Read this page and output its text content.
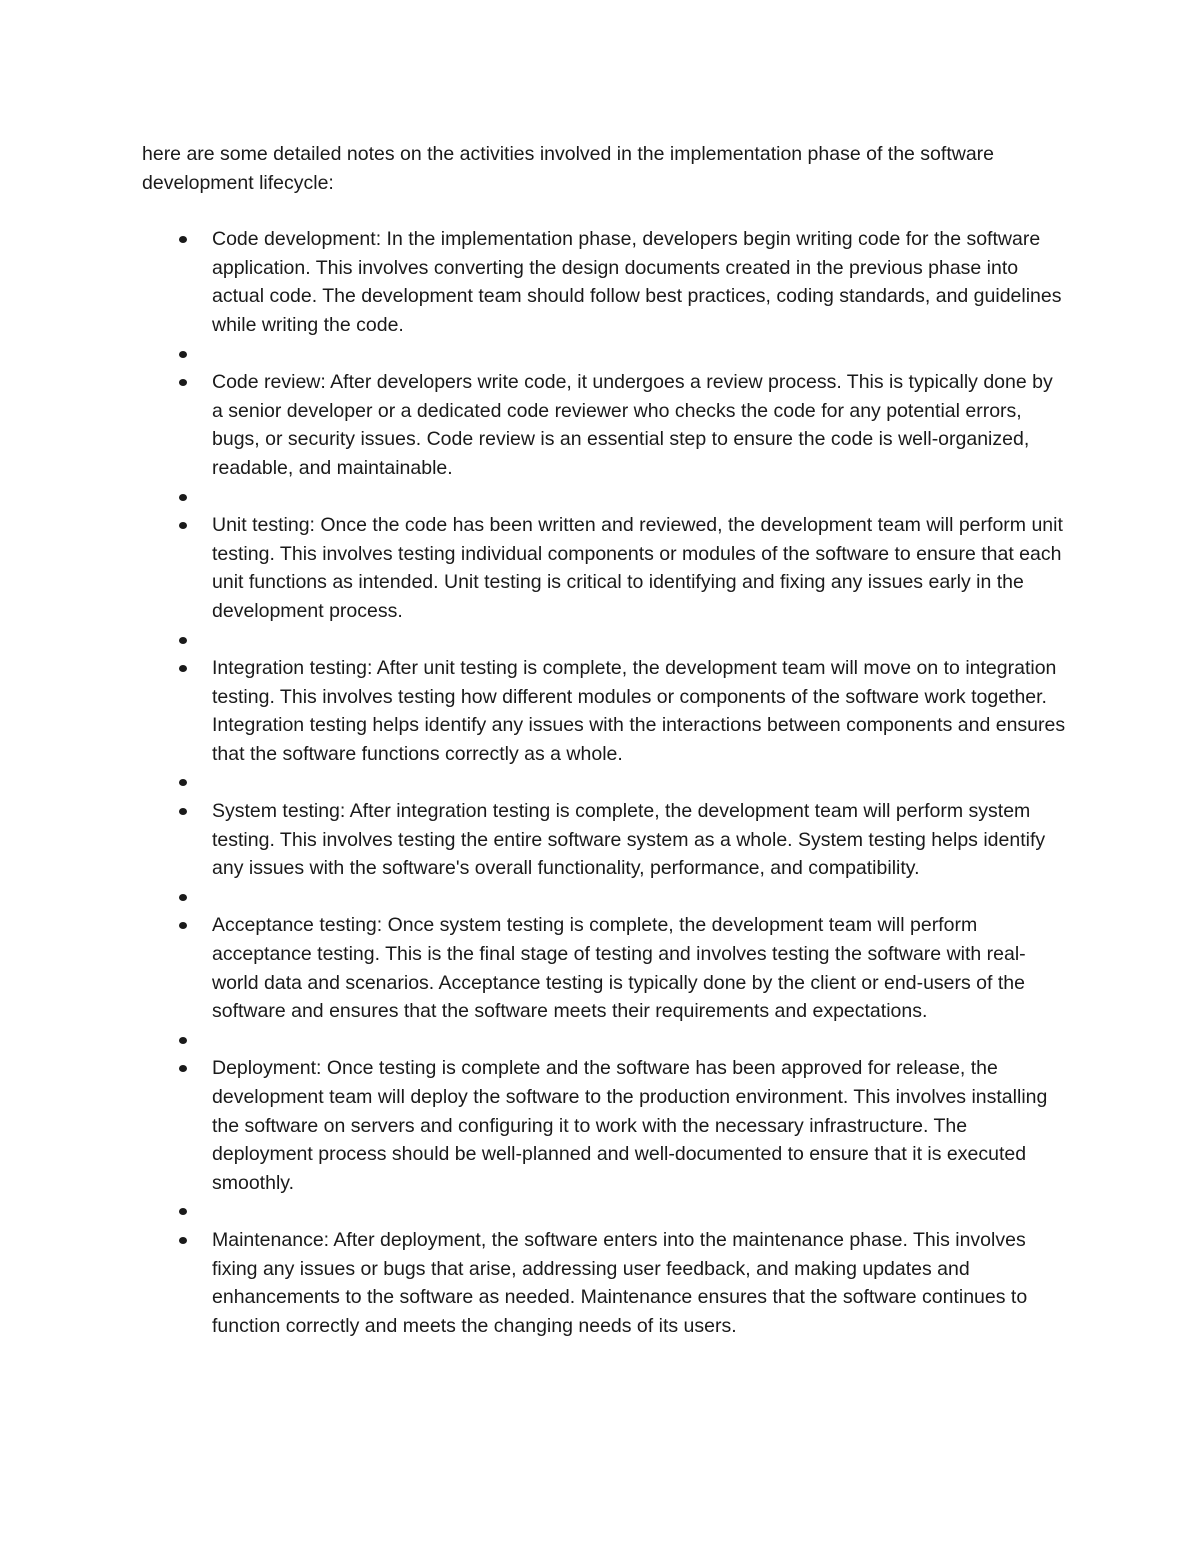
here are some detailed notes on the activities involved in the implementation phase of the software development lifecycle:

Code development: In the implementation phase, developers begin writing code for the software application. This involves converting the design documents created in the previous phase into actual code. The development team should follow best practices, coding standards, and guidelines while writing the code.
Code review: After developers write code, it undergoes a review process. This is typically done by a senior developer or a dedicated code reviewer who checks the code for any potential errors, bugs, or security issues. Code review is an essential step to ensure the code is well-organized, readable, and maintainable.
Unit testing: Once the code has been written and reviewed, the development team will perform unit testing. This involves testing individual components or modules of the software to ensure that each unit functions as intended. Unit testing is critical to identifying and fixing any issues early in the development process.
Integration testing: After unit testing is complete, the development team will move on to integration testing. This involves testing how different modules or components of the software work together. Integration testing helps identify any issues with the interactions between components and ensures that the software functions correctly as a whole.
System testing: After integration testing is complete, the development team will perform system testing. This involves testing the entire software system as a whole. System testing helps identify any issues with the software's overall functionality, performance, and compatibility.
Acceptance testing: Once system testing is complete, the development team will perform acceptance testing. This is the final stage of testing and involves testing the software with real-world data and scenarios. Acceptance testing is typically done by the client or end-users of the software and ensures that the software meets their requirements and expectations.
Deployment: Once testing is complete and the software has been approved for release, the development team will deploy the software to the production environment. This involves installing the software on servers and configuring it to work with the necessary infrastructure. The deployment process should be well-planned and well-documented to ensure that it is executed smoothly.
Maintenance: After deployment, the software enters into the maintenance phase. This involves fixing any issues or bugs that arise, addressing user feedback, and making updates and enhancements to the software as needed. Maintenance ensures that the software continues to function correctly and meets the changing needs of its users.
